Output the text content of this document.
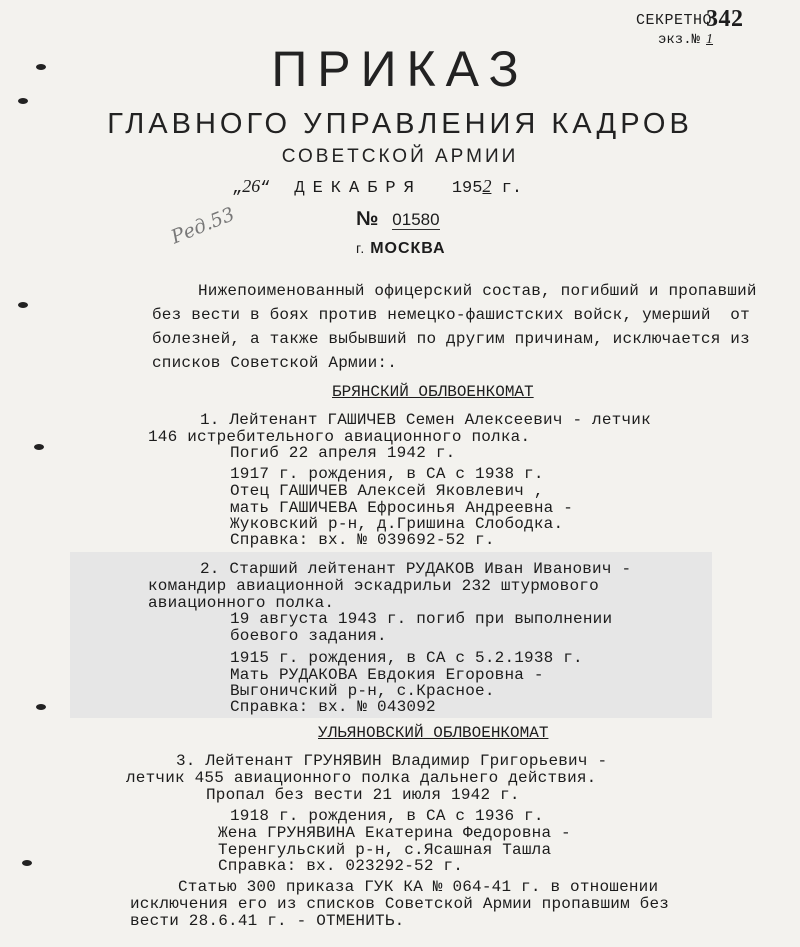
СЕКРЕТНО342
экз.№ 1
ПРИКАЗ
ГЛАВНОГО УПРАВЛЕНИЯ КАДРОВ
СОВЕТСКОЙ АРМИИ
„26“ ДЕКАБРЯ 1952 г.
№ 01580
г. МОСКВА
Ред.53
Нижепоименованный офицерский состав, погибший и пропавший
без вести в боях против немецко-фашистских войск, умерший  от
болезней, а также выбывший по другим причинам, исключается из
списков Советской Армии:.
БРЯНСКИЙ ОБЛВОЕНКОМАТ
1. Лейтенант ГАШИЧЕВ Семен Алексеевич - летчик
146 истребительного авиационного полка.
Погиб 22 апреля 1942 г.
1917 г. рождения, в СА с 1938 г.
Отец ГАШИЧЕВ Алексей Яковлевич ,
мать ГАШИЧЕВА Ефросинья Андреевна -
Жуковский р-н, д.Гришина Слободка.
Справка: вх. № 039692-52 г.
2. Старший лейтенант РУДАКОВ Иван Иванович -
командир авиационной эскадрильи 232 штурмового
авиационного полка.
19 августа 1943 г. погиб при выполнении
боевого задания.
1915 г. рождения, в СА с 5.2.1938 г.
Мать РУДАКОВА Евдокия Егоровна -
Выгоничский р-н, с.Красное.
Справка: вх. № 043092
УЛЬЯНОВСКИЙ ОБЛВОЕНКОМАТ
3. Лейтенант ГРУНЯВИН Владимир Григорьевич -
летчик 455 авиационного полка дальнего действия.
Пропал без вести 21 июля 1942 г.
1918 г. рождения, в СА с 1936 г.
Жена ГРУНЯВИНА Екатерина Федоровна -
Теренгульский р-н, с.Ясашная Ташла
Справка: вх. 023292-52 г.
Статью 300 приказа ГУК КА № 064-41 г. в отношении
исключения его из списков Советской Армии пропавшим без
вести 28.6.41 г. - ОТМЕНИТЬ.
